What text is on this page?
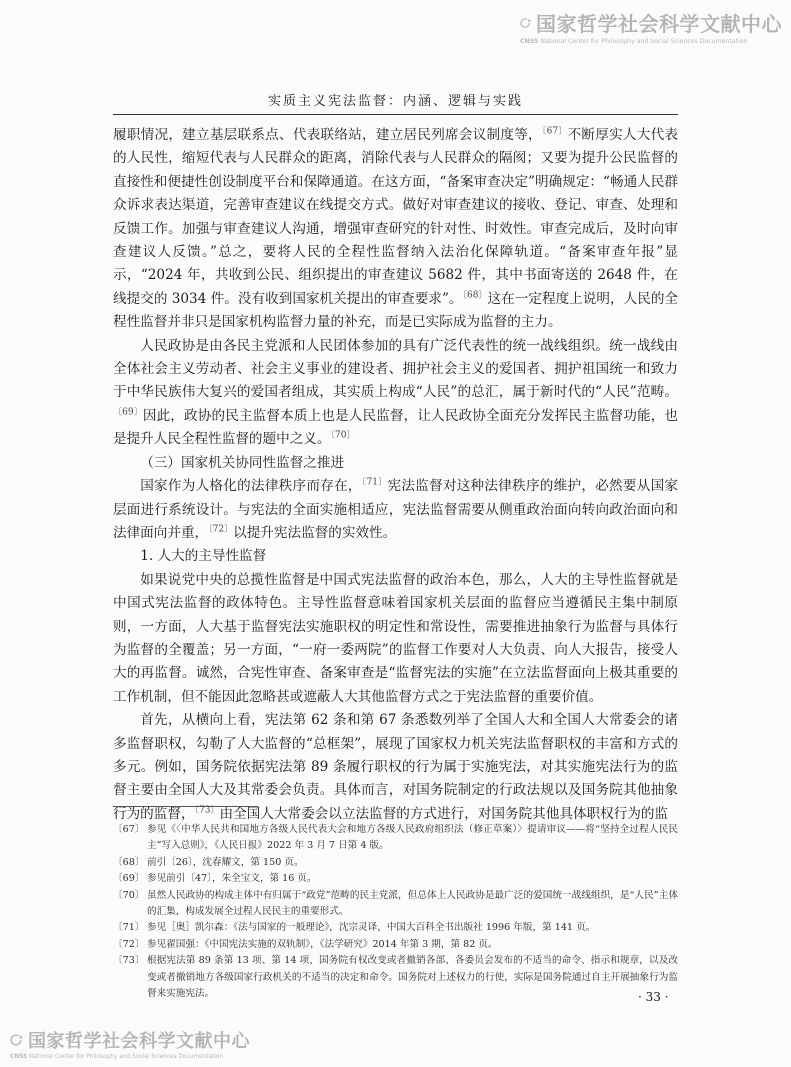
国家哲学社会科学文献中心
CNSS National Center for Philosophy and Social Sciences Documentation
实质主义宪法监督：内涵、逻辑与实践

履职情况，建立基层联系点、代表联络站，建立居民列席会议制度等，$^{〔67〕}$不断厚实人大代表的人民性，缩短代表与人民群众的距离，消除代表与人民群众的隔阂；又要为提升公民监督的直接性和便捷性创设制度平台和保障通道。在这方面，“备案审查决定”明确规定：“畅通人民群众诉求表达渠道，完善审查建议在线提交方式。做好对审查建议的接收、登记、审查、处理和反馈工作。加强与审查建议人沟通，增强审查研究的针对性、时效性。审查完成后，及时向审查建议人反馈。”总之，要将人民的全程性监督纳入法治化保障轨道。“备案审查年报”显示，“2024 年，共收到公民、组织提出的审查建议 5682 件，其中书面寄送的 2648 件，在线提交的 3034 件。没有收到国家机关提出的审查要求”。$^{〔68〕}$这在一定程度上说明，人民的全程性监督并非只是国家机构监督力量的补充，而是已实际成为监督的主力。

人民政协是由各民主党派和人民团体参加的具有广泛代表性的统一战线组织。统一战线由全体社会主义劳动者、社会主义事业的建设者、拥护社会主义的爱国者、拥护祖国统一和致力于中华民族伟大复兴的爱国者组成，其实质上构成“人民”的总汇，属于新时代的“人民”范畴。$^{〔69〕}$因此，政协的民主监督本质上也是人民监督，让人民政协全面充分发挥民主监督功能，也是提升人民全程性监督的题中之义。$^{〔70〕}$

（三）国家机关协同性监督之推进

国家作为人格化的法律秩序而存在，$^{〔71〕}$宪法监督对这种法律秩序的维护，必然要从国家层面进行系统设计。与宪法的全面实施相适应，宪法监督需要从侧重政治面向转向政治面向和法律面向并重，$^{〔72〕}$以提升宪法监督的实效性。

1. 人大的主导性监督

如果说党中央的总揽性监督是中国式宪法监督的政治本色，那么，人大的主导性监督就是中国式宪法监督的政体特色。主导性监督意味着国家机关层面的监督应当遵循民主集中制原则，一方面，人大基于监督宪法实施职权的明定性和常设性，需要推进抽象行为监督与具体行为监督的全覆盖；另一方面，“一府一委两院”的监督工作要对人大负责、向人大报告，接受人大的再监督。诚然，合宪性审查、备案审查是“监督宪法的实施”在立法监督面向上极其重要的工作机制，但不能因此忽略甚或遮蔽人大其他监督方式之于宪法监督的重要价值。

首先，从横向上看，宪法第 62 条和第 67 条悉数列举了全国人大和全国人大常委会的诸多监督职权，勾勒了人大监督的“总框架”，展现了国家权力机关宪法监督职权的丰富和方式的多元。例如，国务院依据宪法第 89 条履行职权的行为属于实施宪法，对其实施宪法行为的监督主要由全国人大及其常委会负责。具体而言，对国务院制定的行政法规以及国务院其他抽象行为的监督，$^{〔73〕}$由全国人大常委会以立法监督的方式进行，对国务院其他具体职权行为的监

〔67〕 参见《〈中华人民共和国地方各级人民代表大会和地方各级人民政府组织法（修正草案）〉提请审议——将“坚持全过程人民民主”写入总则》，《人民日报》2022 年 3 月 7 日第 4 版。
〔68〕 前引〔26〕，沈春耀文，第 150 页。
〔69〕 参见前引〔47〕，朱全宝文，第 16 页。
〔70〕 虽然人民政协的构成主体中有归属于“政党”范畴的民主党派，但总体上人民政协是最广泛的爱国统一战线组织，是“人民”主体的汇集，构成发展全过程人民民主的重要形式。
〔71〕 参见［奥］凯尔森：《法与国家的一般理论》，沈宗灵译，中国大百科全书出版社 1996 年版，第 141 页。
〔72〕 参见翟国强：《中国宪法实施的双轨制》，《法学研究》2014 年第 3 期，第 82 页。
〔73〕 根据宪法第 89 条第 13 项、第 14 项，国务院有权改变或者撤销各部、各委员会发布的不适当的命令、指示和规章，以及改变或者撤销地方各级国家行政机关的不适当的决定和命令。国务院对上述权力的行使，实际是国务院通过自主开展抽象行为监督来实施宪法。	· 33 ·
国家哲学社会科学文献中心
CNSS National Center for Philosophy and Social Sciences Documentation
